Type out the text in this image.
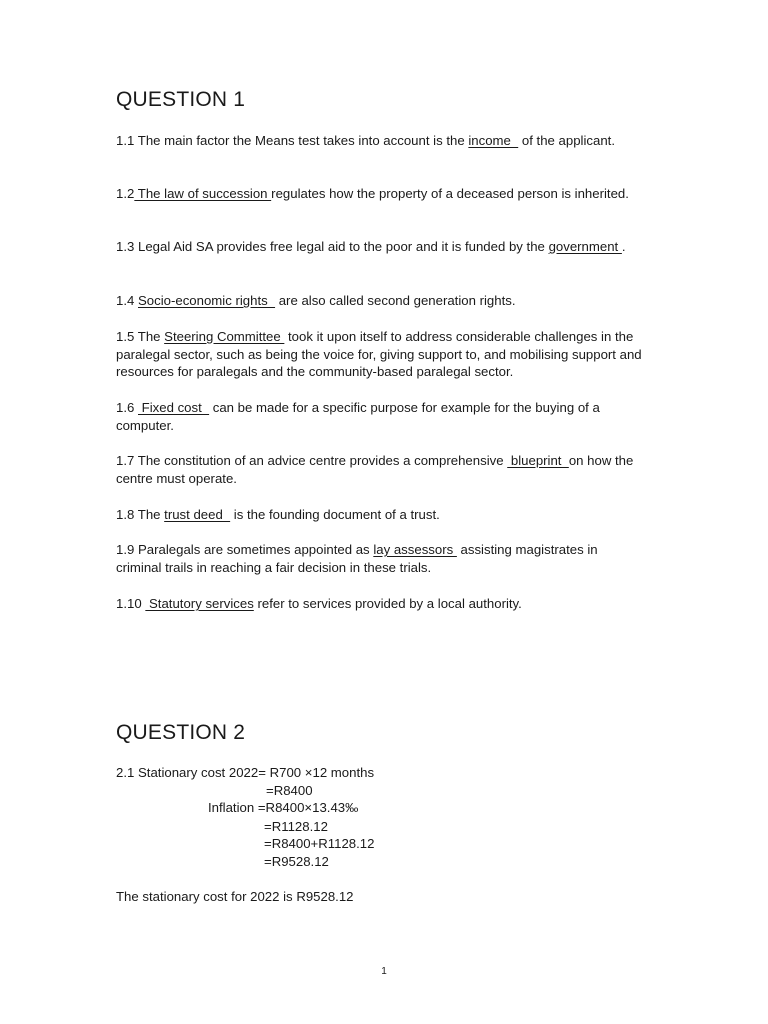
QUESTION 1
1.1 The main factor the Means test takes into account is the income   of the applicant.
1.2 The law of succession regulates how the property of a deceased person is inherited.
1.3 Legal Aid SA provides free legal aid to the poor and it is funded by the government .
1.4 Socio-economic rights   are also called second generation rights.
1.5 The Steering Committee  took it upon itself to address considerable challenges in the paralegal sector, such as being the voice for, giving support to, and mobilising support and resources for paralegals and the community-based paralegal sector.
1.6  Fixed cost   can be made for a specific purpose for example for the buying of a computer.
1.7 The constitution of an advice centre provides a comprehensive  blueprint  on how the centre must operate.
1.8 The trust deed   is the founding document of a trust.
1.9 Paralegals are sometimes appointed as lay assessors  assisting magistrates in criminal trails in reaching a fair decision in these trials.
1.10  Statutory services refer to services provided by a local authority.
QUESTION 2
2.1 Stationary cost 2022= R700 ×12 months
=R8400
Inflation =R8400×13.43‰
=R1128.12
=R8400+R1128.12
=R9528.12
The stationary cost for 2022 is R9528.12
1
